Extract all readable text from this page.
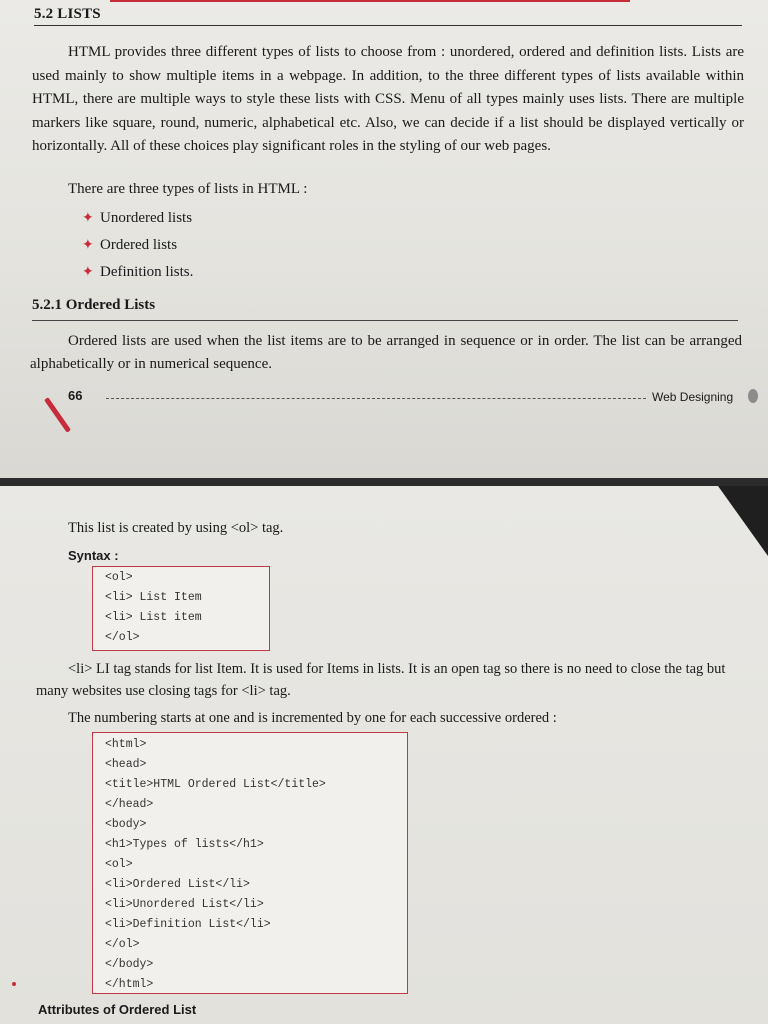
5.2 LISTS
HTML provides three different types of lists to choose from : unordered, ordered and definition lists. Lists are used mainly to show multiple items in a webpage. In addition, to the three different types of lists available within HTML, there are multiple ways to style these lists with CSS. Menu of all types mainly uses lists. There are multiple markers like square, round, numeric, alphabetical etc. Also, we can decide if a list should be displayed vertically or horizontally. All of these choices play significant roles in the styling of our web pages.
There are three types of lists in HTML :
✦ Unordered lists
✦ Ordered lists
✦ Definition lists.
5.2.1 Ordered Lists
Ordered lists are used when the list items are to be arranged in sequence or in order. The list can be arranged alphabetically or in numerical sequence.
66	Web Designing
This list is created by using <ol> tag.
Syntax :
<ol>
<li> List Item
<li> List item
</ol>
<li> LI tag stands for list Item. It is used for Items in lists. It is an open tag so there is no need to close the tag but many websites use closing tags for <li> tag.
The numbering starts at one and is incremented by one for each successive ordered :
<html>
<head>
<title>HTML Ordered List</title>
</head>
<body>
<h1>Types of lists</h1>
<ol>
<li>Ordered List</li>
<li>Unordered List</li>
<li>Definition List</li>
</ol>
</body>
</html>
Attributes of Ordered List
